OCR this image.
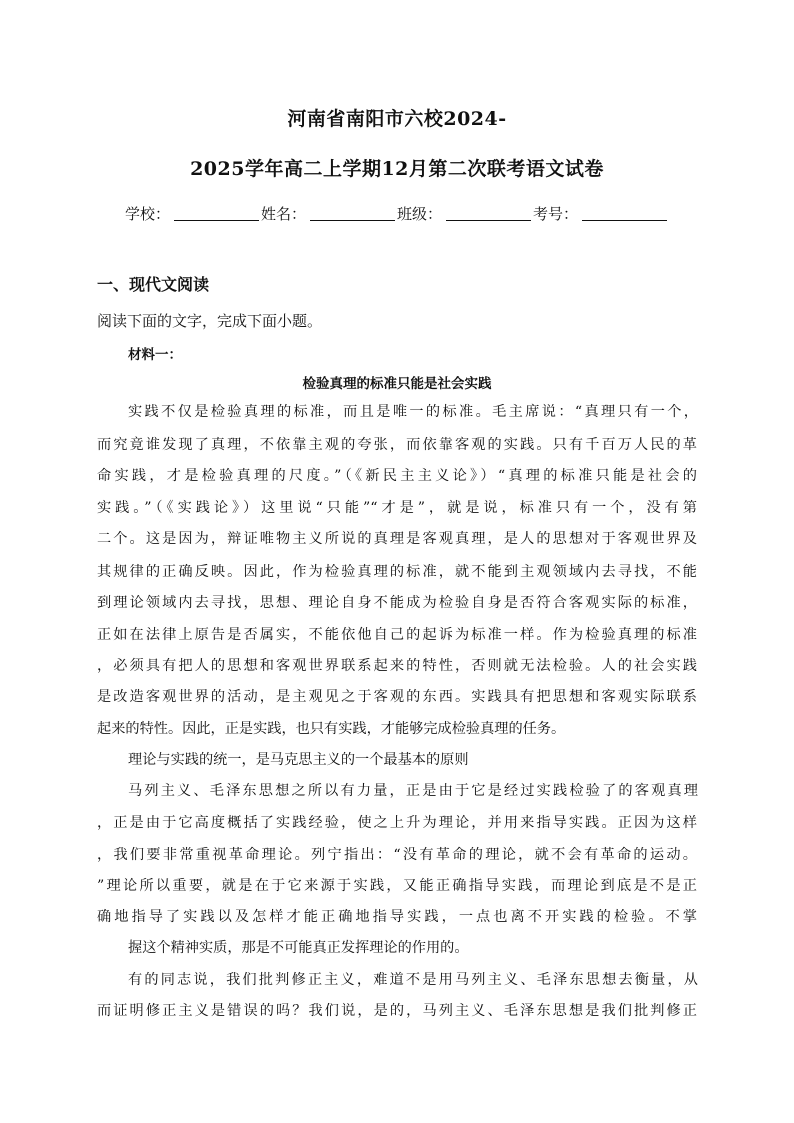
河南省南阳市六校2024-
2025学年高二上学期12月第二次联考语文试卷
学校：	姓名：	班级：	考号：
一、现代文阅读
阅读下面的文字，完成下面小题。
材料一：
检验真理的标准只能是社会实践
实践不仅是检验真理的标准，而且是唯一的标准。毛主席说：“真理只有一个，
而究竟谁发现了真理，不依靠主观的夸张，而依靠客观的实践。只有千百万人民的革
命实践，才是检验真理的尺度。”（《新民主主义论》）“真理的标准只能是社会的
实践。”（《实践论》）这里说“只能”“才是”，就是说，标准只有一个，没有第
二个。这是因为，辩证唯物主义所说的真理是客观真理，是人的思想对于客观世界及
其规律的正确反映。因此，作为检验真理的标准，就不能到主观领域内去寻找，不能
到理论领域内去寻找，思想、理论自身不能成为检验自身是否符合客观实际的标准，
正如在法律上原告是否属实，不能依他自己的起诉为标准一样。作为检验真理的标准
，必须具有把人的思想和客观世界联系起来的特性，否则就无法检验。人的社会实践
是改造客观世界的活动，是主观见之于客观的东西。实践具有把思想和客观实际联系
起来的特性。因此，正是实践，也只有实践，才能够完成检验真理的任务。
理论与实践的统一，是马克思主义的一个最基本的原则
马列主义、毛泽东思想之所以有力量，正是由于它是经过实践检验了的客观真理
，正是由于它高度概括了实践经验，使之上升为理论，并用来指导实践。正因为这样
，我们要非常重视革命理论。列宁指出：“没有革命的理论，就不会有革命的运动。
”理论所以重要，就是在于它来源于实践，又能正确指导实践，而理论到底是不是正
确地指导了实践以及怎样才能正确地指导实践，一点也离不开实践的检验。不掌
握这个精神实质，那是不可能真正发挥理论的作用的。
有的同志说，我们批判修正主义，难道不是用马列主义、毛泽东思想去衡量，从
而证明修正主义是错误的吗？我们说，是的，马列主义、毛泽东思想是我们批判修正
